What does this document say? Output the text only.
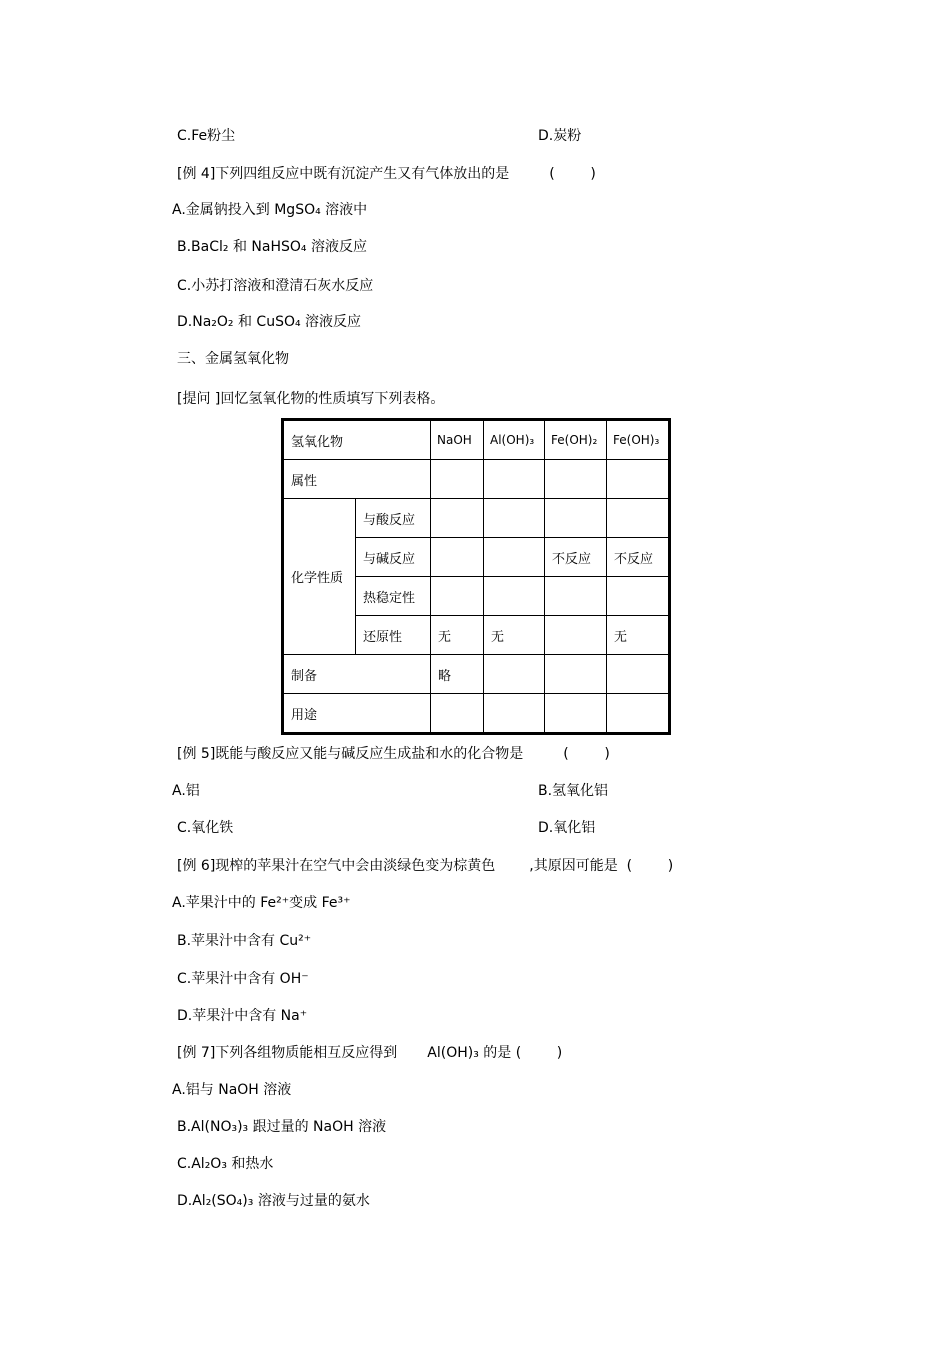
C.Fe粉尘	D.炭粉
[例 4]下列四组反应中既有沉淀产生又有气体放出的是	(        )
A.金属钠投入到 MgSO₄ 溶液中
B.BaCl₂ 和 NaHSO₄ 溶液反应
C.小苏打溶液和澄清石灰水反应
D.Na₂O₂ 和 CuSO₄ 溶液反应
三、金属氢氧化物
[提问 ]回忆氢氧化物的性质填写下列表格。
氢氧化物		NaOH	Al(OH)₃	Fe(OH)₂	Fe(OH)₃
属性					
化学性质	与酸反应				
	与碱反应			不反应	不反应
	热稳定性				
	还原性	无	无		无
制备		略			
用途					
[例 5]既能与酸反应又能与碱反应生成盐和水的化合物是	(        )
A.铝	B.氢氧化铝
C.氧化铁	D.氧化铝
[例 6]现榨的苹果汁在空气中会由淡绿色变为棕黄色 ,其原因可能是  (        )
A.苹果汁中的 Fe²⁺变成 Fe³⁺
B.苹果汁中含有 Cu²⁺
C.苹果汁中含有 OH⁻
D.苹果汁中含有 Na⁺
[例 7]下列各组物质能相互反应得到 Al(OH)₃ 的是 (        )
A.铝与 NaOH 溶液
B.Al(NO₃)₃ 跟过量的 NaOH 溶液
C.Al₂O₃ 和热水
D.Al₂(SO₄)₃ 溶液与过量的氨水
